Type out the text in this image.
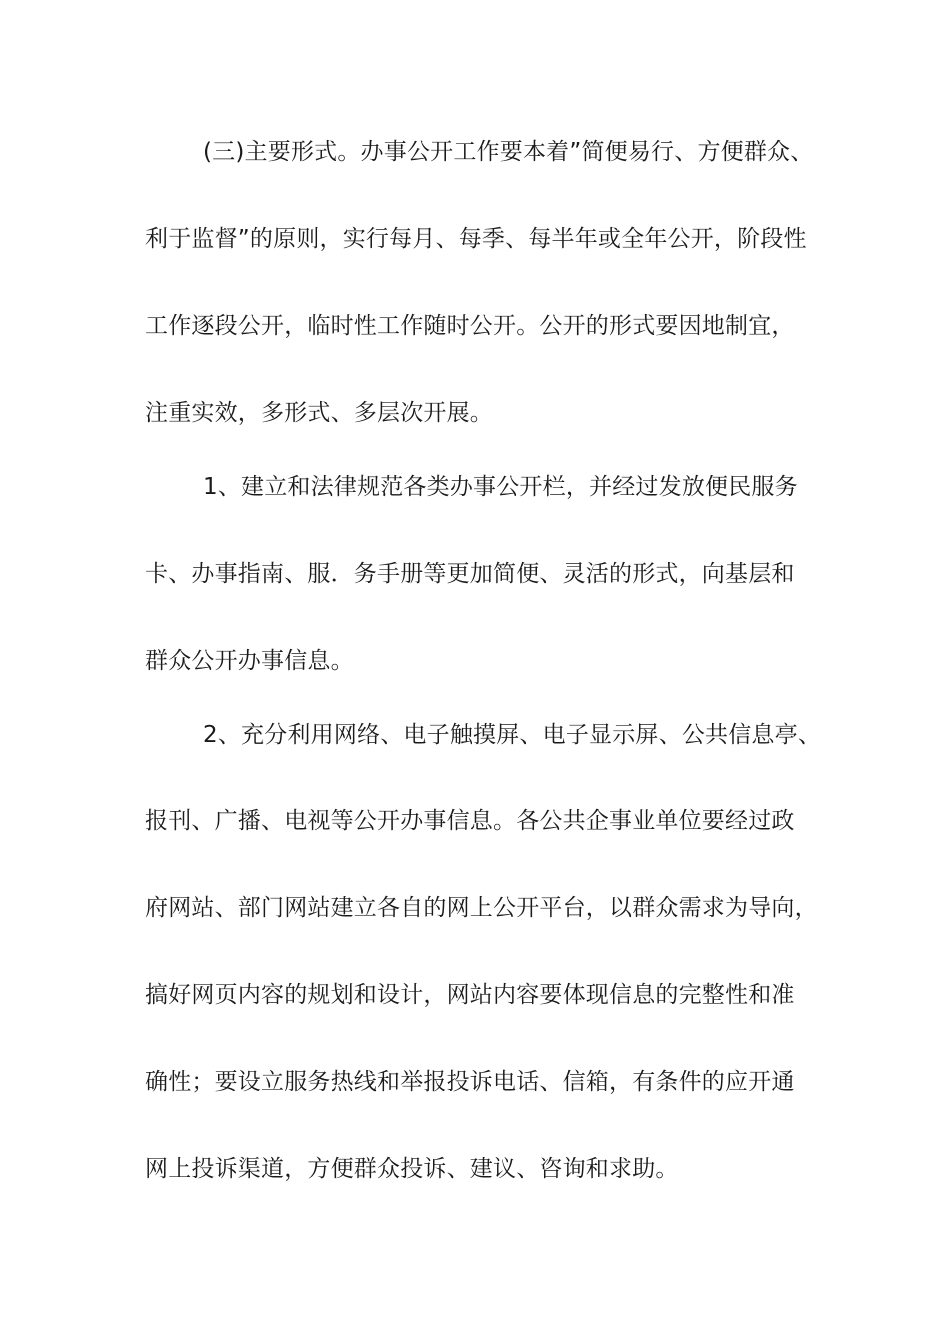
(三)主要形式。办事公开工作要本着”简便易行、方便群众、
利于监督”的原则，实行每月、每季、每半年或全年公开，阶段性
工作逐段公开，临时性工作随时公开。公开的形式要因地制宜，
注重实效，多形式、多层次开展。
1、建立和法律规范各类办事公开栏，并经过发放便民服务
卡、办事指南、服．务手册等更加简便、灵活的形式，向基层和
群众公开办事信息。
2、充分利用网络、电子触摸屏、电子显示屏、公共信息亭、
报刊、广播、电视等公开办事信息。各公共企事业单位要经过政
府网站、部门网站建立各自的网上公开平台，以群众需求为导向，
搞好网页内容的规划和设计，网站内容要体现信息的完整性和准
确性；要设立服务热线和举报投诉电话、信箱，有条件的应开通
网上投诉渠道，方便群众投诉、建议、咨询和求助。
